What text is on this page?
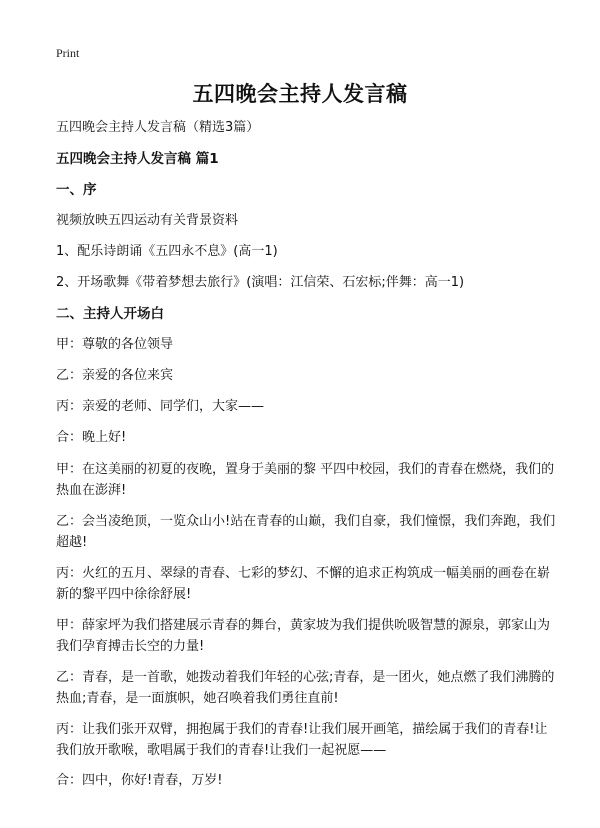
Print
五四晚会主持人发言稿

五四晚会主持人发言稿（精选3篇）

五四晚会主持人发言稿 篇1

一、序

视频放映五四运动有关背景资料

1、配乐诗朗诵《五四永不息》(高一1)

2、开场歌舞《带着梦想去旅行》(演唱：江信荣、石宏标;伴舞：高一1)

二、主持人开场白

甲：尊敬的各位领导

乙：亲爱的各位来宾

丙：亲爱的老师、同学们，大家——

合：晚上好!

甲：在这美丽的初夏的夜晚，置身于美丽的黎 平四中校园，我们的青春在燃烧，我们的热血在澎湃!

乙：会当凌绝顶，一览众山小!站在青春的山巅，我们自豪，我们憧憬，我们奔跑，我们超越!

丙：火红的五月、翠绿的青春、七彩的梦幻、不懈的追求正构筑成一幅美丽的画卷在崭新的黎平四中徐徐舒展!

甲：薛家坪为我们搭建展示青春的舞台，黄家坡为我们提供吮吸智慧的源泉，郭家山为我们孕育搏击长空的力量!

乙：青春，是一首歌，她拨动着我们年轻的心弦;青春，是一团火，她点燃了我们沸腾的热血;青春，是一面旗帜，她召唤着我们勇往直前!

丙：让我们张开双臂，拥抱属于我们的青春!让我们展开画笔，描绘属于我们的青春!让我们放开歌喉，歌唱属于我们的青春!让我们一起祝愿——

合：四中，你好!青春，万岁!
